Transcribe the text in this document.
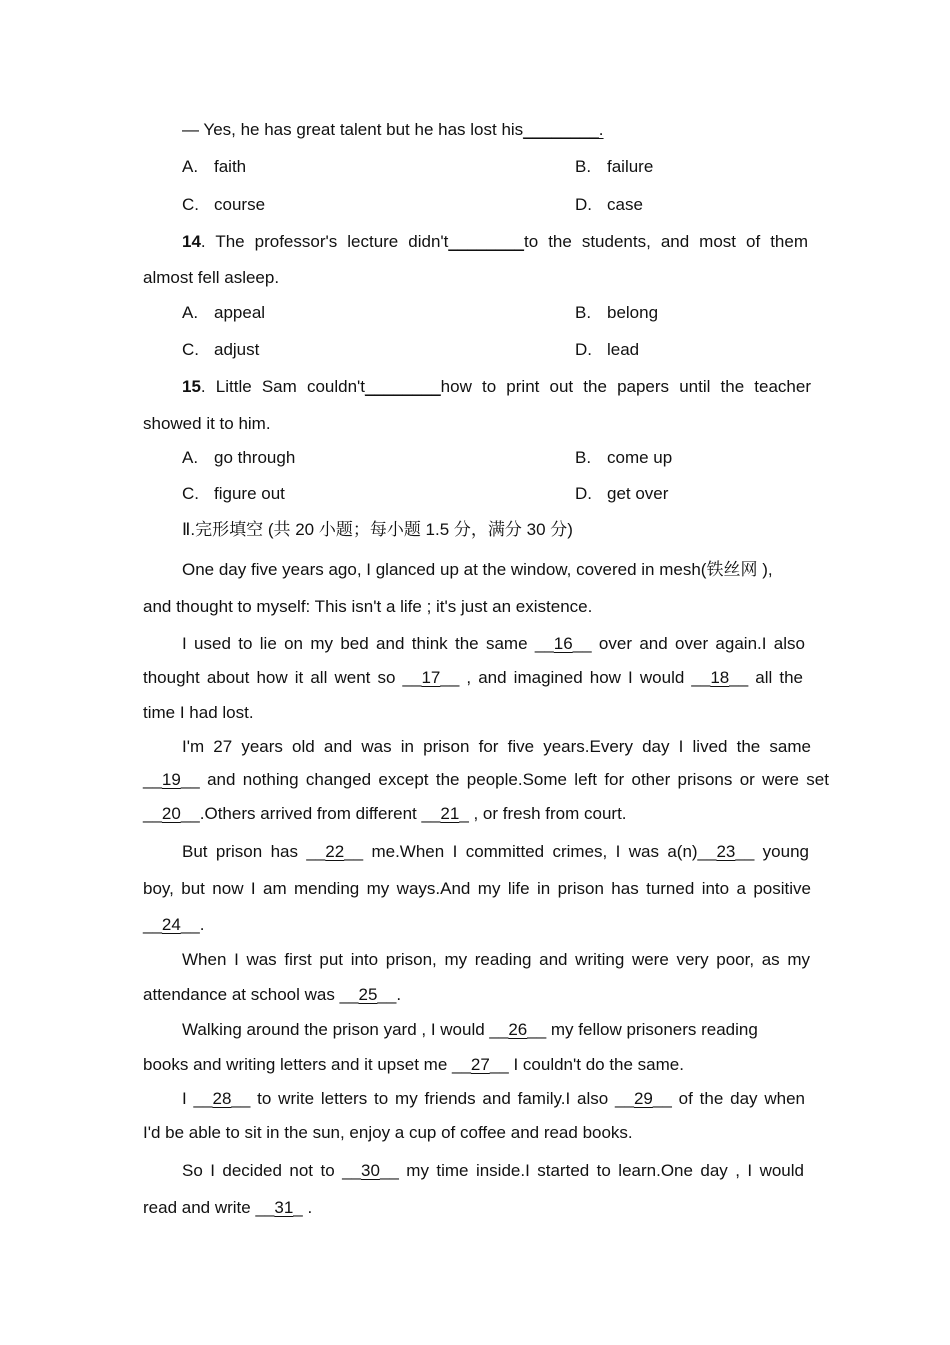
— Yes, he has great talent but he has lost his________.
A. faith	B. failure
C. course	D. case
14. The professor's lecture didn't________to the students, and most of them
almost fell asleep.
A. appeal	B. belong
C. adjust	D. lead
15. Little Sam couldn't________how to print out the papers until the teacher
showed it to him.
A. go through	B. come up
C. figure out	D. get over
Ⅱ.完形填空 (共 20 小题；每小题 1.5 分，满分 30 分)
One day five years ago, I glanced up at the window, covered in mesh(铁丝网 ),
and thought to myself: This isn't a life ; it's just an existence.
I used to lie on my bed and think the same __16__ over and over again.I also
thought about how it all went so __17__ , and imagined how I would __18__ all the
time I had lost.
I'm 27 years old and was in prison for five years.Every day I lived the same
__19__ and nothing changed except the people.Some left for other prisons or were set
__20__.Others arrived from different __21_ , or fresh from court.
But prison has __22__ me.When I committed crimes, I was a(n)__23__ young
boy, but now I am mending my ways.And my life in prison has turned into a positive
__24__.
When I was first put into prison, my reading and writing were very poor, as my
attendance at school was __25__.
Walking around the prison yard , I would __26__ my fellow prisoners reading
books and writing letters and it upset me __27__ I couldn't do the same.
I __28__ to write letters to my friends and family.I also __29__ of the day when
I'd be able to sit in the sun, enjoy a cup of coffee and read books.
So I decided not to __30__ my time inside.I started to learn.One day , I would
read and write __31_ .
